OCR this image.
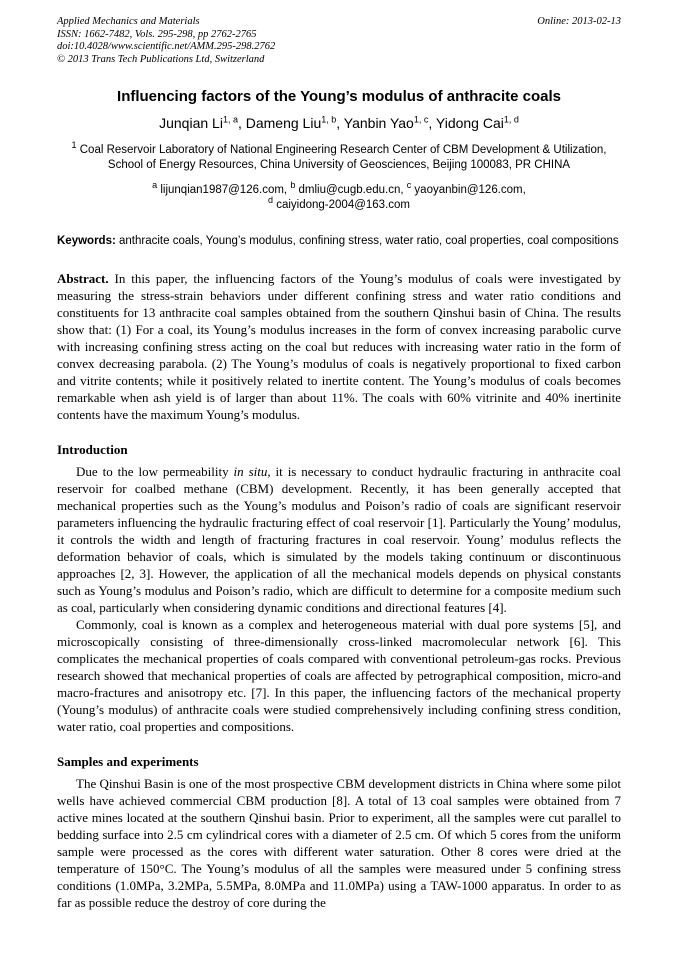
Applied Mechanics and Materials
ISSN: 1662-7482, Vols. 295-298, pp 2762-2765
doi:10.4028/www.scientific.net/AMM.295-298.2762
© 2013 Trans Tech Publications Ltd, Switzerland
Online: 2013-02-13
Influencing factors of the Young’s modulus of anthracite coals
Junqian Li$^{1, a}$, Dameng Liu$^{1, b}$, Yanbin Yao$^{1, c}$, Yidong Cai$^{1, d}$
$^1$ Coal Reservoir Laboratory of National Engineering Research Center of CBM Development & Utilization, School of Energy Resources, China University of Geosciences, Beijing 100083, PR CHINA
$^a$ lijunqian1987@126.com, $^b$ dmliu@cugb.edu.cn, $^c$ yaoyanbin@126.com,
$^d$ caiyidong-2004@163.com
Keywords: anthracite coals, Young’s modulus, confining stress, water ratio, coal properties, coal compositions

Abstract. In this paper, the influencing factors of the Young’s modulus of coals were investigated by measuring the stress-strain behaviors under different confining stress and water ratio conditions and constituents for 13 anthracite coal samples obtained from the southern Qinshui basin of China. The results show that: (1) For a coal, its Young’s modulus increases in the form of convex increasing parabolic curve with increasing confining stress acting on the coal but reduces with increasing water ratio in the form of convex decreasing parabola. (2) The Young’s modulus of coals is negatively proportional to fixed carbon and vitrite contents; while it positively related to inertite content. The Young’s modulus of coals becomes remarkable when ash yield is of larger than about 11%. The coals with 60% vitrinite and 40% inertinite contents have the maximum Young’s modulus.

Introduction

Due to the low permeability in situ, it is necessary to conduct hydraulic fracturing in anthracite coal reservoir for coalbed methane (CBM) development. Recently, it has been generally accepted that mechanical properties such as the Young’s modulus and Poison’s radio of coals are significant reservoir parameters influencing the hydraulic fracturing effect of coal reservoir [1]. Particularly the Young’ modulus, it controls the width and length of fracturing fractures in coal reservoir. Young’ modulus reflects the deformation behavior of coals, which is simulated by the models taking continuum or discontinuous approaches [2, 3]. However, the application of all the mechanical models depends on physical constants such as Young’s modulus and Poison’s radio, which are difficult to determine for a composite medium such as coal, particularly when considering dynamic conditions and directional features [4].

Commonly, coal is known as a complex and heterogeneous material with dual pore systems [5], and microscopically consisting of three-dimensionally cross-linked macromolecular network [6]. This complicates the mechanical properties of coals compared with conventional petroleum-gas rocks. Previous research showed that mechanical properties of coals are affected by petrographical composition, micro-and macro-fractures and anisotropy etc. [7]. In this paper, the influencing factors of the mechanical property (Young’s modulus) of anthracite coals were studied comprehensively including confining stress condition, water ratio, coal properties and compositions.

Samples and experiments

The Qinshui Basin is one of the most prospective CBM development districts in China where some pilot wells have achieved commercial CBM production [8]. A total of 13 coal samples were obtained from 7 active mines located at the southern Qinshui basin. Prior to experiment, all the samples were cut parallel to bedding surface into 2.5 cm cylindrical cores with a diameter of 2.5 cm. Of which 5 cores from the uniform sample were processed as the cores with different water saturation. Other 8 cores were dried at the temperature of 150°C. The Young’s modulus of all the samples were measured under 5 confining stress conditions (1.0MPa, 3.2MPa, 5.5MPa, 8.0MPa and 11.0MPa) using a TAW-1000 apparatus. In order to as far as possible reduce the destroy of core during the
